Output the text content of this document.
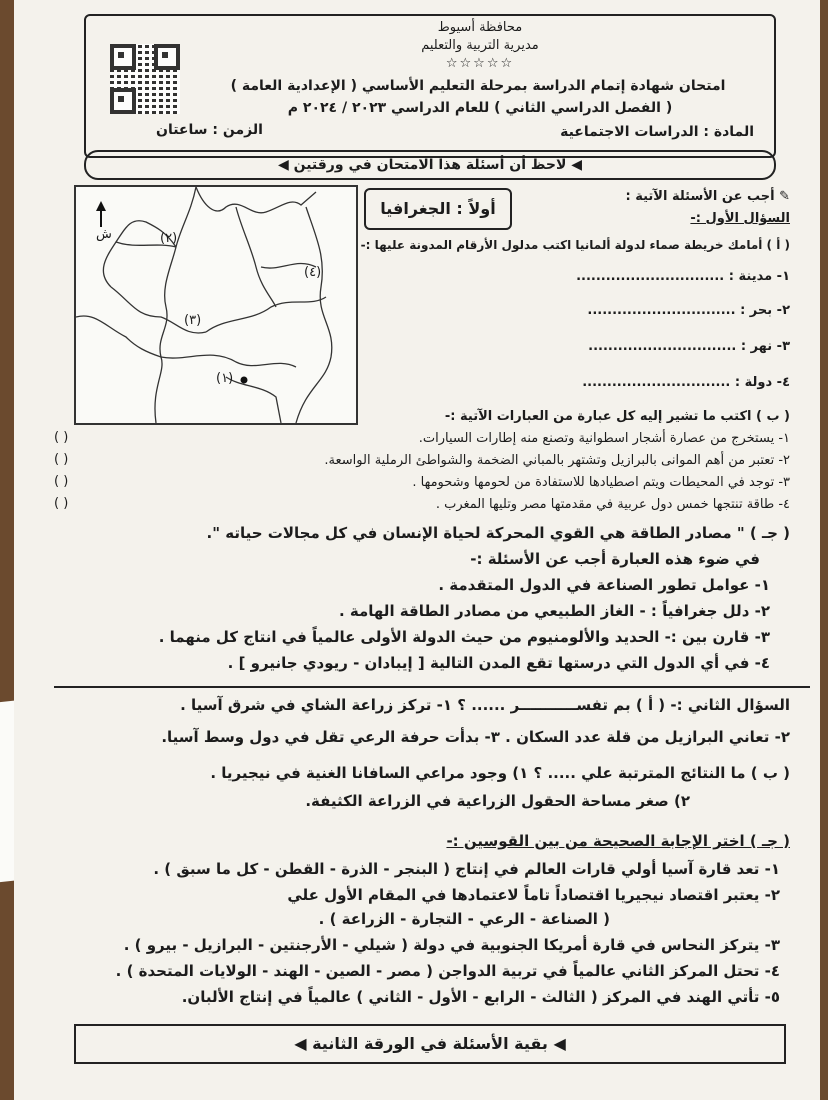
محافظة أسيوط
مديرية التربية والتعليم
☆☆☆☆☆
امتحان شهادة إتمام الدراسة بمرحلة التعليم الأساسي ( الإعدادية العامة )
( الفصل الدراسي الثاني ) للعام الدراسي ٢٠٢٣ / ٢٠٢٤ م
المادة : الدراسات الاجتماعية
الزمن : ساعتان
◀ لاحظ أن أسئلة هذا الامتحان في ورقتين ◀
ش
(١)
(٢)
(٣)
(٤)
أولاً : الجغرافيا
✎ أجب عن الأسئلة الآتية :
السؤال الأول :-
( أ ) أمامك خريطة صماء لدولة ألمانيا اكتب مدلول الأرقام المدونة عليها :-
١- مدينة : ..............................
٢- بحر : ..............................
٣- نهر : ..............................
٤- دولة : ..............................
( ب ) اكتب ما تشير إليه كل عبارة من العبارات الآتية :-
١- يستخرج من عصارة أشجار اسطوانية وتصنع منه إطارات السيارات.
٢- تعتبر من أهم الموانى بالبرازيل وتشتهر بالمباني الضخمة والشواطئ الرملية الواسعة.
٣- توجد في المحيطات ويتم اصطيادها للاستفادة من لحومها وشحومها .
٤- طاقة تنتجها خمس دول عربية في مقدمتها مصر وتليها المغرب .
( )
( )
( )
( )
( جـ ) " مصادر الطاقة هي القوي المحركة لحياة الإنسان في كل مجالات حياته ".
في ضوء هذه العبارة أجب عن الأسئلة :-
١- عوامل تطور الصناعة في الدول المتقدمة .
٢- دلل جغرافياً : - الغاز الطبيعي من مصادر الطاقة الهامة .
٣- قارن بين :- الحديد والألومنيوم من حيث الدولة الأولى عالمياً في انتاج كل منهما .
٤- في أي الدول التي درستها تقع المدن التالية [ إيبادان - ريودي جانيرو ] .
السؤال الثاني :- ( أ ) بم تفســـــــــــر ...... ؟ ١- تركز زراعة الشاي في شرق آسيا .
٢- تعاني البرازيل من قلة عدد السكان . ٣- بدأت حرفة الرعي تقل في دول وسط آسيا.
( ب ) ما النتائج المترتبة علي ..... ؟ ١) وجود مراعي السافانا الغنية في نيجيريا .
٢) صغر مساحة الحقول الزراعية في الزراعة الكثيفة.
( جـ ) اختر الإجابة الصحيحة من بين القوسين :-
١- تعد قارة آسيا أولي قارات العالم في إنتاج ( البنجر - الذرة - القطن - كل ما سبق ) .
٢- يعتبر اقتصاد نيجيريا اقتصاداً تاماً لاعتمادها في المقام الأول علي
( الصناعة - الرعي - التجارة - الزراعة ) .
٣- يتركز النحاس في قارة أمريكا الجنوبية في دولة ( شيلي - الأرجنتين - البرازيل - بيرو ) .
٤- تحتل المركز الثاني عالمياً في تربية الدواجن ( مصر - الصين - الهند - الولايات المتحدة ) .
٥- تأتي الهند في المركز ( الثالث - الرابع - الأول - الثاني ) عالمياً في إنتاج الألبان.
◀ بقية الأسئلة في الورقة الثانية ◀
